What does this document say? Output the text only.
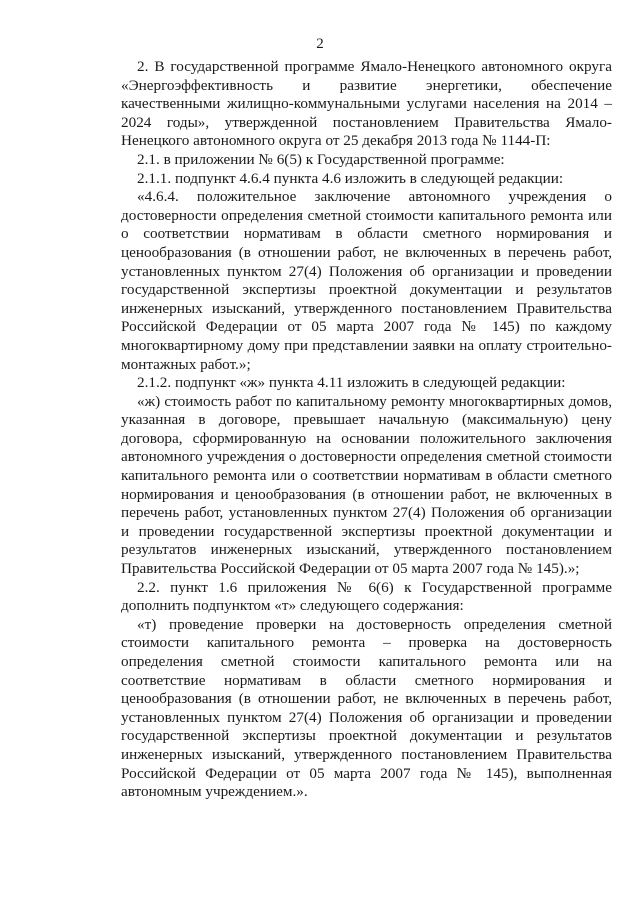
2

2. В государственной программе Ямало-Ненецкого автономного округа «Энергоэффективность и развитие энергетики, обеспечение качественными жилищно-коммунальными услугами населения на 2014 – 2024 годы», утвержденной постановлением Правительства Ямало-Ненецкого автономного округа от 25 декабря 2013 года № 1144-П:

2.1. в приложении № 6(5) к Государственной программе:

2.1.1. подпункт 4.6.4 пункта 4.6 изложить в следующей редакции:

«4.6.4. положительное заключение автономного учреждения о достоверности определения сметной стоимости капитального ремонта или о соответствии нормативам в области сметного нормирования и ценообразования (в отношении работ, не включенных в перечень работ, установленных пунктом 27(4) Положения об организации и проведении государственной экспертизы проектной документации и результатов инженерных изысканий, утвержденного постановлением Правительства Российской Федерации от 05 марта 2007 года № 145) по каждому многоквартирному дому при представлении заявки на оплату строительно-монтажных работ.»;

2.1.2. подпункт «ж» пункта 4.11 изложить в следующей редакции:

«ж) стоимость работ по капитальному ремонту многоквартирных домов, указанная в договоре, превышает начальную (максимальную) цену договора, сформированную на основании положительного заключения автономного учреждения о достоверности определения сметной стоимости капитального ремонта или о соответствии нормативам в области сметного нормирования и ценообразования (в отношении работ, не включенных в перечень работ, установленных пунктом 27(4) Положения об организации и проведении государственной экспертизы проектной документации и результатов инженерных изысканий, утвержденного постановлением Правительства Российской Федерации от 05 марта 2007 года № 145).»;

2.2. пункт 1.6 приложения № 6(6) к Государственной программе дополнить подпунктом «т» следующего содержания:

«т) проведение проверки на достоверность определения сметной стоимости капитального ремонта – проверка на достоверность определения сметной стоимости капитального ремонта или на соответствие нормативам в области сметного нормирования и ценообразования (в отношении работ, не включенных в перечень работ, установленных пунктом 27(4) Положения об организации и проведении государственной экспертизы проектной документации и результатов инженерных изысканий, утвержденного постановлением Правительства Российской Федерации от 05 марта 2007 года № 145), выполненная автономным учреждением.».
